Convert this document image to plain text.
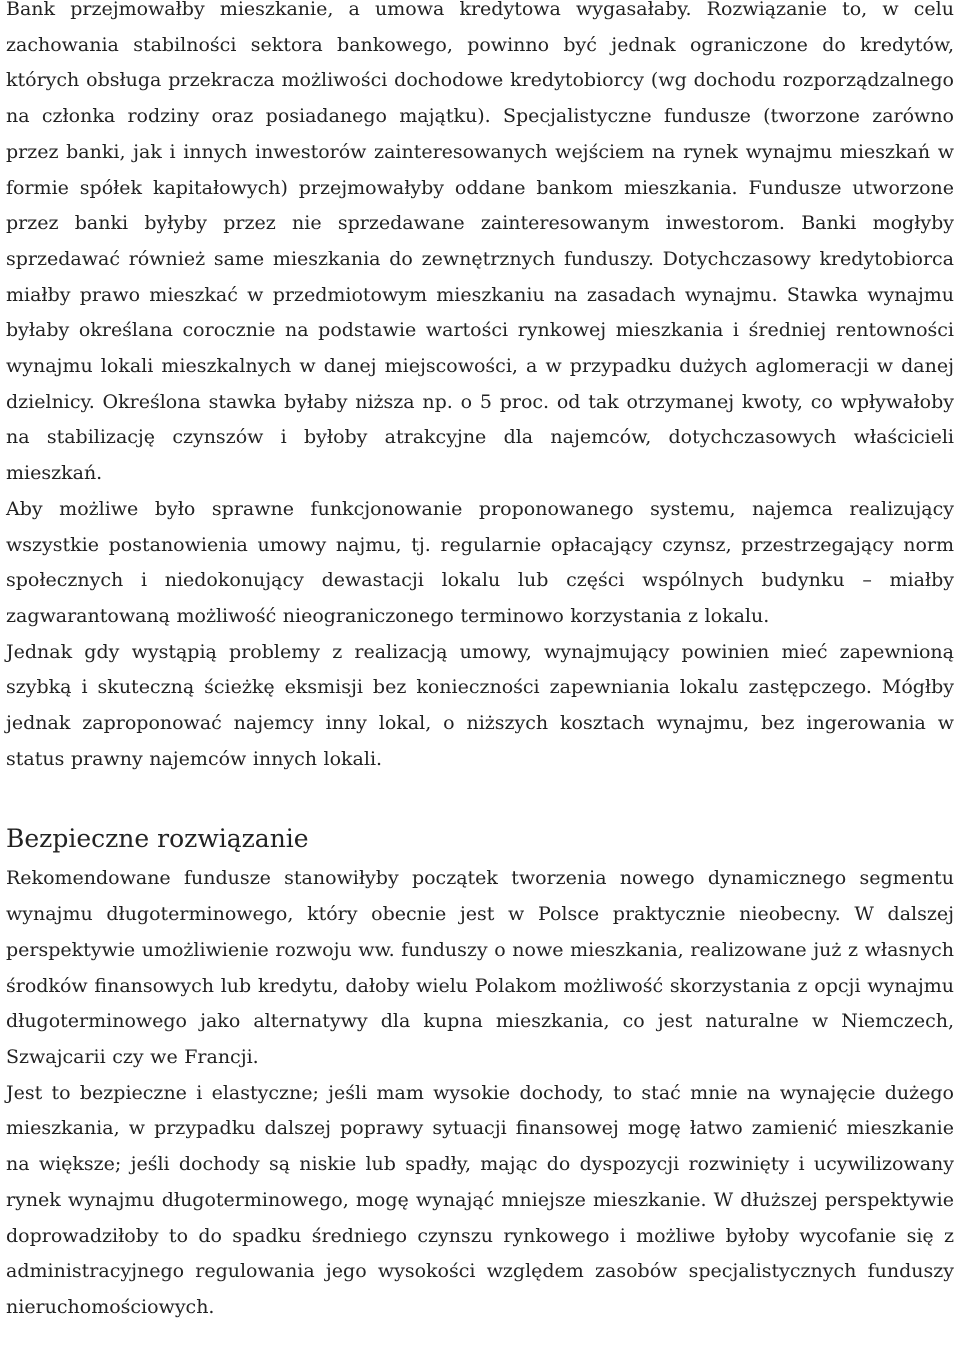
Bank przejmowałby mieszkanie, a umowa kredytowa wygasałaby. Rozwiązanie to, w celu zachowania stabilności sektora bankowego, powinno być jednak ograniczone do kredytów, których obsługa przekracza możliwości dochodowe kredytobiorcy (wg dochodu rozporządzalnego na członka rodziny oraz posiadanego majątku). Specjalistyczne fundusze (tworzone zarówno przez banki, jak i innych inwestorów zainteresowanych wejściem na rynek wynajmu mieszkań w formie spółek kapitałowych) przejmowałyby oddane bankom mieszkania. Fundusze utworzone przez banki byłyby przez nie sprzedawane zainteresowanym inwestorom. Banki mogłyby sprzedawać również same mieszkania do zewnętrznych funduszy. Dotychczasowy kredytobiorca miałby prawo mieszkać w przedmiotowym mieszkaniu na zasadach wynajmu. Stawka wynajmu byłaby określana corocznie na podstawie wartości rynkowej mieszkania i średniej rentowności wynajmu lokali mieszkalnych w danej miejscowości, a w przypadku dużych aglomeracji w danej dzielnicy. Określona stawka byłaby niższa np. o 5 proc. od tak otrzymanej kwoty, co wpływałoby na stabilizację czynszów i byłoby atrakcyjne dla najemców, dotychczasowych właścicieli mieszkań.

Aby możliwe było sprawne funkcjonowanie proponowanego systemu, najemca realizujący wszystkie postanowienia umowy najmu, tj. regularnie opłacający czynsz, przestrzegający norm społecznych i niedokonujący dewastacji lokalu lub części wspólnych budynku – miałby zagwarantowaną możliwość nieograniczonego terminowo korzystania z lokalu.

Jednak gdy wystąpią problemy z realizacją umowy, wynajmujący powinien mieć zapewnioną szybką i skuteczną ścieżkę eksmisji bez konieczności zapewniania lokalu zastępczego. Mógłby jednak zaproponować najemcy inny lokal, o niższych kosztach wynajmu, bez ingerowania w status prawny najemców innych lokali.

Bezpieczne rozwiązanie

Rekomendowane fundusze stanowiłyby początek tworzenia nowego dynamicznego segmentu wynajmu długoterminowego, który obecnie jest w Polsce praktycznie nieobecny. W dalszej perspektywie umożliwienie rozwoju ww. funduszy o nowe mieszkania, realizowane już z własnych środków finansowych lub kredytu, dałoby wielu Polakom możliwość skorzystania z opcji wynajmu długoterminowego jako alternatywy dla kupna mieszkania, co jest naturalne w Niemczech, Szwajcarii czy we Francji.

Jest to bezpieczne i elastyczne; jeśli mam wysokie dochody, to stać mnie na wynajęcie dużego mieszkania, w przypadku dalszej poprawy sytuacji finansowej mogę łatwo zamienić mieszkanie na większe; jeśli dochody są niskie lub spadły, mając do dyspozycji rozwinięty i ucywilizowany rynek wynajmu długoterminowego, mogę wynająć mniejsze mieszkanie. W dłuższej perspektywie doprowadziłoby to do spadku średniego czynszu rynkowego i możliwe byłoby wycofanie się z administracyjnego regulowania jego wysokości względem zasobów specjalistycznych funduszy nieruchomościowych.
